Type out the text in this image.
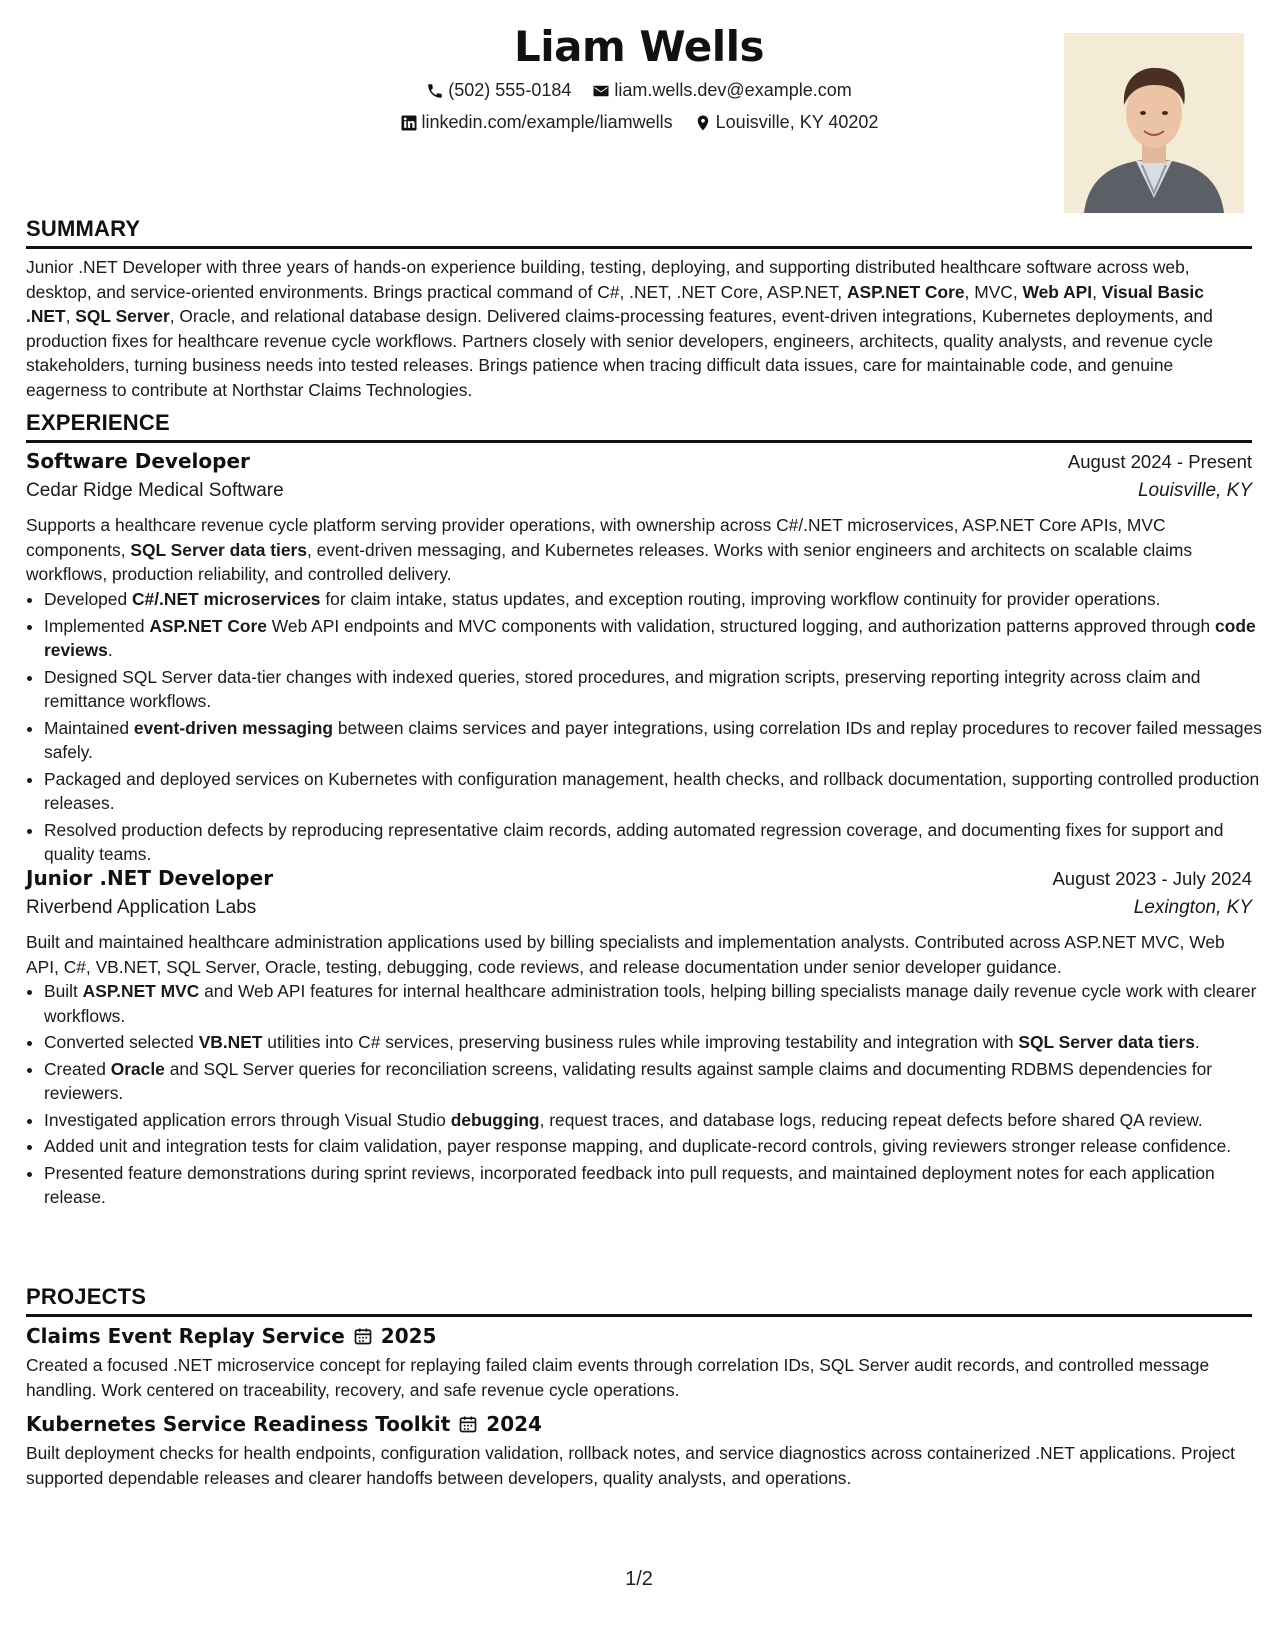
Liam Wells
(502) 555-0184
liam.wells.dev@example.com
linkedin.com/example/liamwells
Louisville, KY 40202
SUMMARY
Junior .NET Developer with three years of hands-on experience building, testing, deploying, and supporting distributed healthcare software across web, desktop, and service-oriented environments. Brings practical command of C#, .NET, .NET Core, ASP.NET, ASP.NET Core, MVC, Web API, Visual Basic .NET, SQL Server, Oracle, and relational database design. Delivered claims-processing features, event-driven integrations, Kubernetes deployments, and production fixes for healthcare revenue cycle workflows. Partners closely with senior developers, engineers, architects, quality analysts, and revenue cycle stakeholders, turning business needs into tested releases. Brings patience when tracing difficult data issues, care for maintainable code, and genuine eagerness to contribute at Northstar Claims Technologies.
EXPERIENCE
Software Developer	August 2024 - Present
Cedar Ridge Medical Software	Louisville, KY
Supports a healthcare revenue cycle platform serving provider operations, with ownership across C#/.NET microservices, ASP.NET Core APIs, MVC components, SQL Server data tiers, event-driven messaging, and Kubernetes releases. Works with senior engineers and architects on scalable claims workflows, production reliability, and controlled delivery.
• Developed C#/.NET microservices for claim intake, status updates, and exception routing, improving workflow continuity for provider operations.
• Implemented ASP.NET Core Web API endpoints and MVC components with validation, structured logging, and authorization patterns approved through code reviews.
• Designed SQL Server data-tier changes with indexed queries, stored procedures, and migration scripts, preserving reporting integrity across claim and remittance workflows.
• Maintained event-driven messaging between claims services and payer integrations, using correlation IDs and replay procedures to recover failed messages safely.
• Packaged and deployed services on Kubernetes with configuration management, health checks, and rollback documentation, supporting controlled production releases.
• Resolved production defects by reproducing representative claim records, adding automated regression coverage, and documenting fixes for support and quality teams.
Junior .NET Developer	August 2023 - July 2024
Riverbend Application Labs	Lexington, KY
Built and maintained healthcare administration applications used by billing specialists and implementation analysts. Contributed across ASP.NET MVC, Web API, C#, VB.NET, SQL Server, Oracle, testing, debugging, code reviews, and release documentation under senior developer guidance.
• Built ASP.NET MVC and Web API features for internal healthcare administration tools, helping billing specialists manage daily revenue cycle work with clearer workflows.
• Converted selected VB.NET utilities into C# services, preserving business rules while improving testability and integration with SQL Server data tiers.
• Created Oracle and SQL Server queries for reconciliation screens, validating results against sample claims and documenting RDBMS dependencies for reviewers.
• Investigated application errors through Visual Studio debugging, request traces, and database logs, reducing repeat defects before shared QA review.
• Added unit and integration tests for claim validation, payer response mapping, and duplicate-record controls, giving reviewers stronger release confidence.
• Presented feature demonstrations during sprint reviews, incorporated feedback into pull requests, and maintained deployment notes for each application release.
PROJECTS
Claims Event Replay Service 2025
Created a focused .NET microservice concept for replaying failed claim events through correlation IDs, SQL Server audit records, and controlled message handling. Work centered on traceability, recovery, and safe revenue cycle operations.
Kubernetes Service Readiness Toolkit 2024
Built deployment checks for health endpoints, configuration validation, rollback notes, and service diagnostics across containerized .NET applications. Project supported dependable releases and clearer handoffs between developers, quality analysts, and operations.
1/2
